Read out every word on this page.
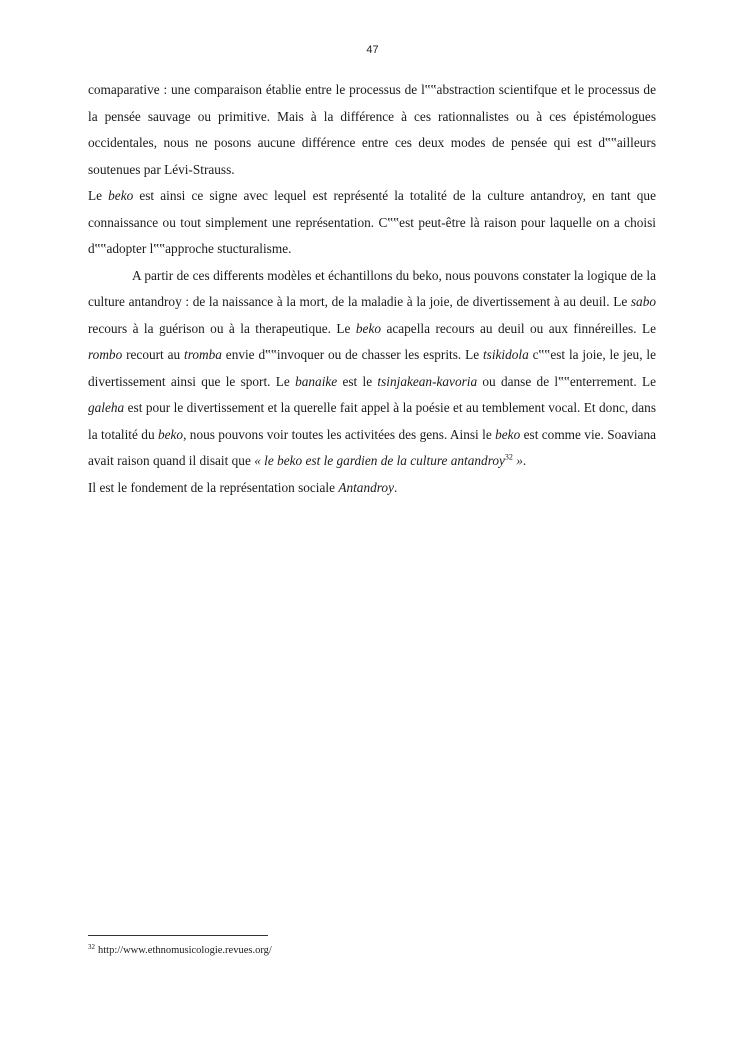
47

comaparative : une comparaison établie entre le processus de l‟‟abstraction scientifque et le processus de la pensée sauvage ou primitive. Mais à la différence à ces rationnalistes ou à ces épistémologues occidentales, nous ne posons aucune différence entre ces deux modes de pensée qui est d‟‟ailleurs soutenues par Lévi-Strauss.

Le beko est ainsi ce signe avec lequel est représenté la totalité de la culture antandroy, en tant que connaissance ou tout simplement une représentation. C‟‟est peut-être là raison pour laquelle on a choisi d‟‟adopter l‟‟approche stucturalisme.

A partir de ces differents modèles et échantillons du beko, nous pouvons constater la logique de la culture antandroy : de la naissance à la mort, de la maladie à la joie, de divertissement à au deuil. Le sabo recours à la guérison ou à la therapeutique. Le beko acapella recours au deuil ou aux finnéreilles. Le rombo recourt au tromba envie d‟‟invoquer ou de chasser les esprits. Le tsikidola c‟‟est la joie, le jeu, le divertissement ainsi que le sport. Le banaike est le tsinjakean-kavoria ou danse de l‟‟enterrement. Le galeha est pour le divertissement et la querelle fait appel à la poésie et au temblement vocal. Et donc, dans la totalité du beko, nous pouvons voir toutes les activitées des gens. Ainsi le beko est comme vie. Soaviana avait raison quand il disait que « le beko est le gardien de la culture antandroy$^{32}$ ».

Il est le fondement de la représentation sociale Antandroy.

$^{32}$ http://www.ethnomusicologie.revues.org/
